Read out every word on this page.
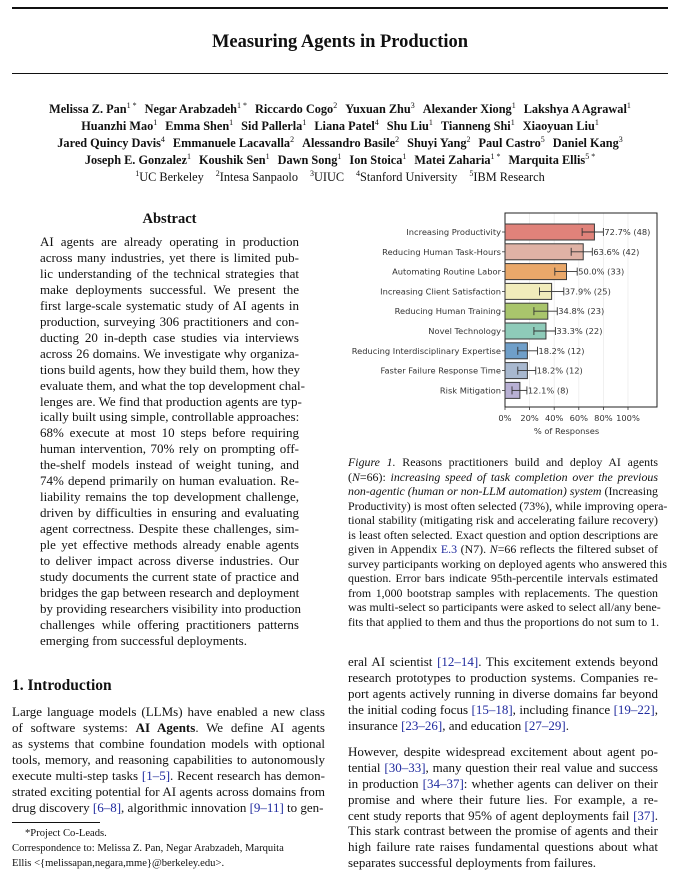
Measuring Agents in Production
Melissa Z. Pan$^{1 *}$ Negar Arabzadeh$^{1 *}$ Riccardo Cogo$^2$ Yuxuan Zhu$^3$ Alexander Xiong$^1$ Lakshya A Agrawal$^1$
Huanzhi Mao$^1$ Emma Shen$^1$ Sid Pallerla$^1$ Liana Patel$^4$ Shu Liu$^1$ Tianneng Shi$^1$ Xiaoyuan Liu$^1$
Jared Quincy Davis$^4$ Emmanuele Lacavalla$^2$ Alessandro Basile$^2$ Shuyi Yang$^2$ Paul Castro$^5$ Daniel Kang$^3$
Joseph E. Gonzalez$^1$ Koushik Sen$^1$ Dawn Song$^1$ Ion Stoica$^1$ Matei Zaharia$^{1 *}$ Marquita Ellis$^{5 *}$
$^1$UC Berkeley $^2$Intesa Sanpaolo $^3$UIUC $^4$Stanford University $^5$IBM Research
Abstract
AI agents are already operating in production
across many industries, yet there is limited pub-
lic understanding of the technical strategies that
make deployments successful. We present the
first large-scale systematic study of AI agents in
production, surveying 306 practitioners and con-
ducting 20 in-depth case studies via interviews
across 26 domains. We investigate why organiza-
tions build agents, how they build them, how they
evaluate them, and what the top development chal-
lenges are. We find that production agents are typ-
ically built using simple, controllable approaches:
68% execute at most 10 steps before requiring
human intervention, 70% rely on prompting off-
the-shelf models instead of weight tuning, and
74% depend primarily on human evaluation. Re-
liability remains the top development challenge,
driven by difficulties in ensuring and evaluating
agent correctness. Despite these challenges, sim-
ple yet effective methods already enable agents
to deliver impact across diverse industries. Our
study documents the current state of practice and
bridges the gap between research and deployment
by providing researchers visibility into production
challenges while offering practitioners patterns
emerging from successful deployments.
1. Introduction
Large language models (LLMs) have enabled a new class
of software systems: AI Agents. We define AI agents
as systems that combine foundation models with optional
tools, memory, and reasoning capabilities to autonomously
execute multi-step tasks [1–5]. Recent research has demon-
strated exciting potential for AI agents across domains from
drug discovery [6–8], algorithmic innovation [9–11] to gen-
*Project Co-Leads.
Correspondence to: Melissa Z. Pan, Negar Arabzadeh, Marquita
Ellis <{melissapan,negara,mme}@berkeley.edu>.
Increasing Productivity	72.7% (48)
Reducing Human Task-Hours	63.6% (42)
Automating Routine Labor	50.0% (33)
Increasing Client Satisfaction	37.9% (25)
Reducing Human Training	34.8% (23)
Novel Technology	33.3% (22)
Reducing Interdisciplinary Expertise	18.2% (12)
Faster Failure Response Time	18.2% (12)
Risk Mitigation	12.1% (8)
0% 20% 40% 60% 80% 100%
% of Responses
Figure 1. Reasons practitioners build and deploy AI agents
(N=66): increasing speed of task completion over the previous
non-agentic (human or non-LLM automation) system (Increasing
Productivity) is most often selected (73%), while improving opera-
tional stability (mitigating risk and accelerating failure recovery)
is least often selected. Exact question and option descriptions are
given in Appendix E.3 (N7). N=66 reflects the filtered subset of
survey participants working on deployed agents who answered this
question. Error bars indicate 95th-percentile intervals estimated
from 1,000 bootstrap samples with replacements. The question
was multi-select so participants were asked to select all/any bene-
fits that applied to them and thus the proportions do not sum to 1.
eral AI scientist [12–14]. This excitement extends beyond
research prototypes to production systems. Companies re-
port agents actively running in diverse domains far beyond
the initial coding focus [15–18], including finance [19–22],
insurance [23–26], and education [27–29].
However, despite widespread excitement about agent po-
tential [30–33], many question their real value and success
in production [34–37]: whether agents can deliver on their
promise and where their future lies. For example, a re-
cent study reports that 95% of agent deployments fail [37].
This stark contrast between the promise of agents and their
high failure rate raises fundamental questions about what
separates successful deployments from failures.
